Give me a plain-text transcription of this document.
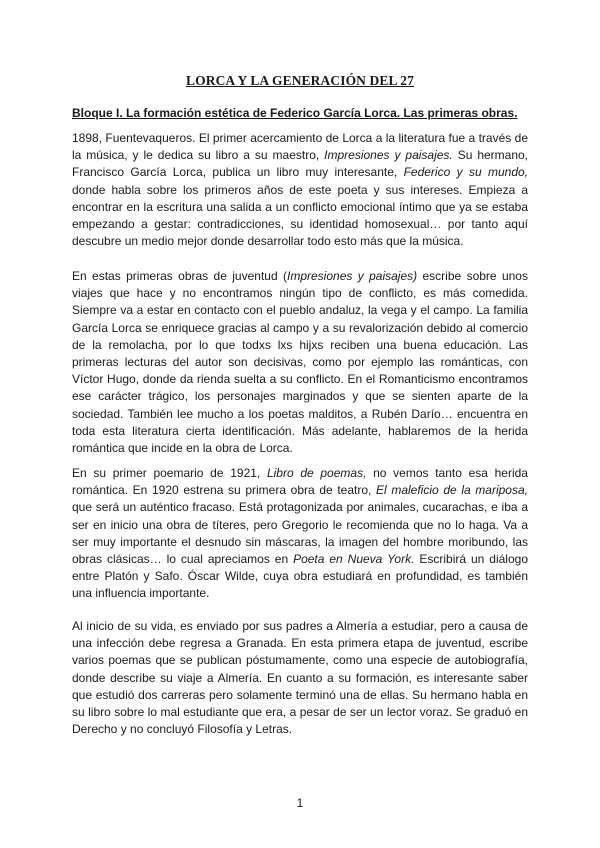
LORCA Y LA GENERACIÓN DEL 27
Bloque I. La formación estética de Federico García Lorca. Las primeras obras.

1898, Fuentevaqueros. El primer acercamiento de Lorca a la literatura fue a través de la música, y le dedica su libro a su maestro, Impresiones y paisajes. Su hermano, Francisco García Lorca, publica un libro muy interesante, Federico y su mundo, donde habla sobre los primeros años de este poeta y sus intereses. Empieza a encontrar en la escritura una salida a un conflicto emocional íntimo que ya se estaba empezando a gestar: contradicciones, su identidad homosexual… por tanto aquí descubre un medio mejor donde desarrollar todo esto más que la música.

En estas primeras obras de juventud (Impresiones y paisajes) escribe sobre unos viajes que hace y no encontramos ningún tipo de conflicto, es más comedida. Siempre va a estar en contacto con el pueblo andaluz, la vega y el campo. La familia García Lorca se enriquece gracias al campo y a su revalorización debido al comercio de la remolacha, por lo que todxs lxs hijxs reciben una buena educación. Las primeras lecturas del autor son decisivas, como por ejemplo las románticas, con Víctor Hugo, donde da rienda suelta a su conflicto. En el Romanticismo encontramos ese carácter trágico, los personajes marginados y que se sienten aparte de la sociedad. También lee mucho a los poetas malditos, a Rubén Darío… encuentra en toda esta literatura cierta identificación. Más adelante, hablaremos de la herida romántica que incide en la obra de Lorca.

En su primer poemario de 1921, Libro de poemas, no vemos tanto esa herida romántica. En 1920 estrena su primera obra de teatro, El maleficio de la mariposa, que será un auténtico fracaso. Está protagonizada por animales, cucarachas, e iba a ser en inicio una obra de títeres, pero Gregorio le recomienda que no lo haga. Va a ser muy importante el desnudo sin máscaras, la imagen del hombre moribundo, las obras clásicas… lo cual apreciamos en Poeta en Nueva York. Escribirá un diálogo entre Platón y Safo. Óscar Wilde, cuya obra estudiará en profundidad, es también una influencia importante.

Al inicio de su vida, es enviado por sus padres a Almería a estudiar, pero a causa de una infección debe regresa a Granada. En esta primera etapa de juventud, escribe varios poemas que se publican póstumamente, como una especie de autobiografía, donde describe su viaje a Almería. En cuanto a su formación, es interesante saber que estudió dos carreras pero solamente terminó una de ellas. Su hermano habla en su libro sobre lo mal estudiante que era, a pesar de ser un lector voraz. Se graduó en Derecho y no concluyó Filosofía y Letras.

1
